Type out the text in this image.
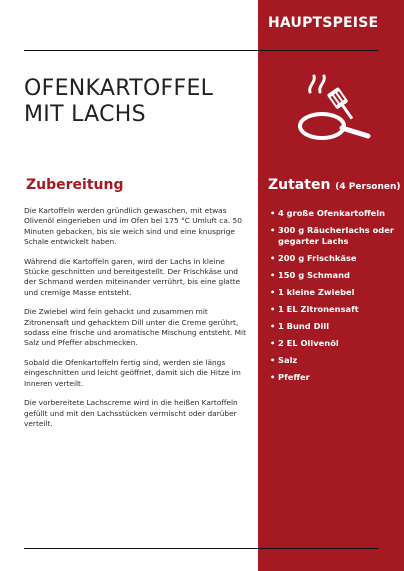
HAUPTSPEISE
OFENKARTOFFEL
MIT LACHS
Zubereitung	Zutaten (4 Personen)

Die Kartoffeln werden gründlich gewaschen, mit etwas Olivenöl eingerieben und im Ofen bei 175 °C Umluft ca. 50 Minuten gebacken, bis sie weich sind und eine knusprige Schale entwickelt haben.

Während die Kartoffeln garen, wird der Lachs in kleine Stücke geschnitten und bereitgestellt. Der Frischkäse und der Schmand werden miteinander verrührt, bis eine glatte und cremige Masse entsteht.

Die Zwiebel wird fein gehackt und zusammen mit Zitronensaft und gehacktem Dill unter die Creme gerührt, sodass eine frische und aromatische Mischung entsteht. Mit Salz und Pfeffer abschmecken.

Sobald die Ofenkartoffeln fertig sind, werden sie längs eingeschnitten und leicht geöffnet, damit sich die Hitze im Inneren verteilt.

Die vorbereitete Lachscreme wird in die heißen Kartoffeln gefüllt und mit den Lachsstücken vermischt oder darüber verteilt.

• 4 große Ofenkartoffeln
• 300 g Räucherlachs oder gegarter Lachs
• 200 g Frischkäse
• 150 g Schmand
• 1 kleine Zwiebel
• 1 EL Zitronensaft
• 1 Bund Dill
• 2 EL Olivenöl
• Salz
• Pfeffer
